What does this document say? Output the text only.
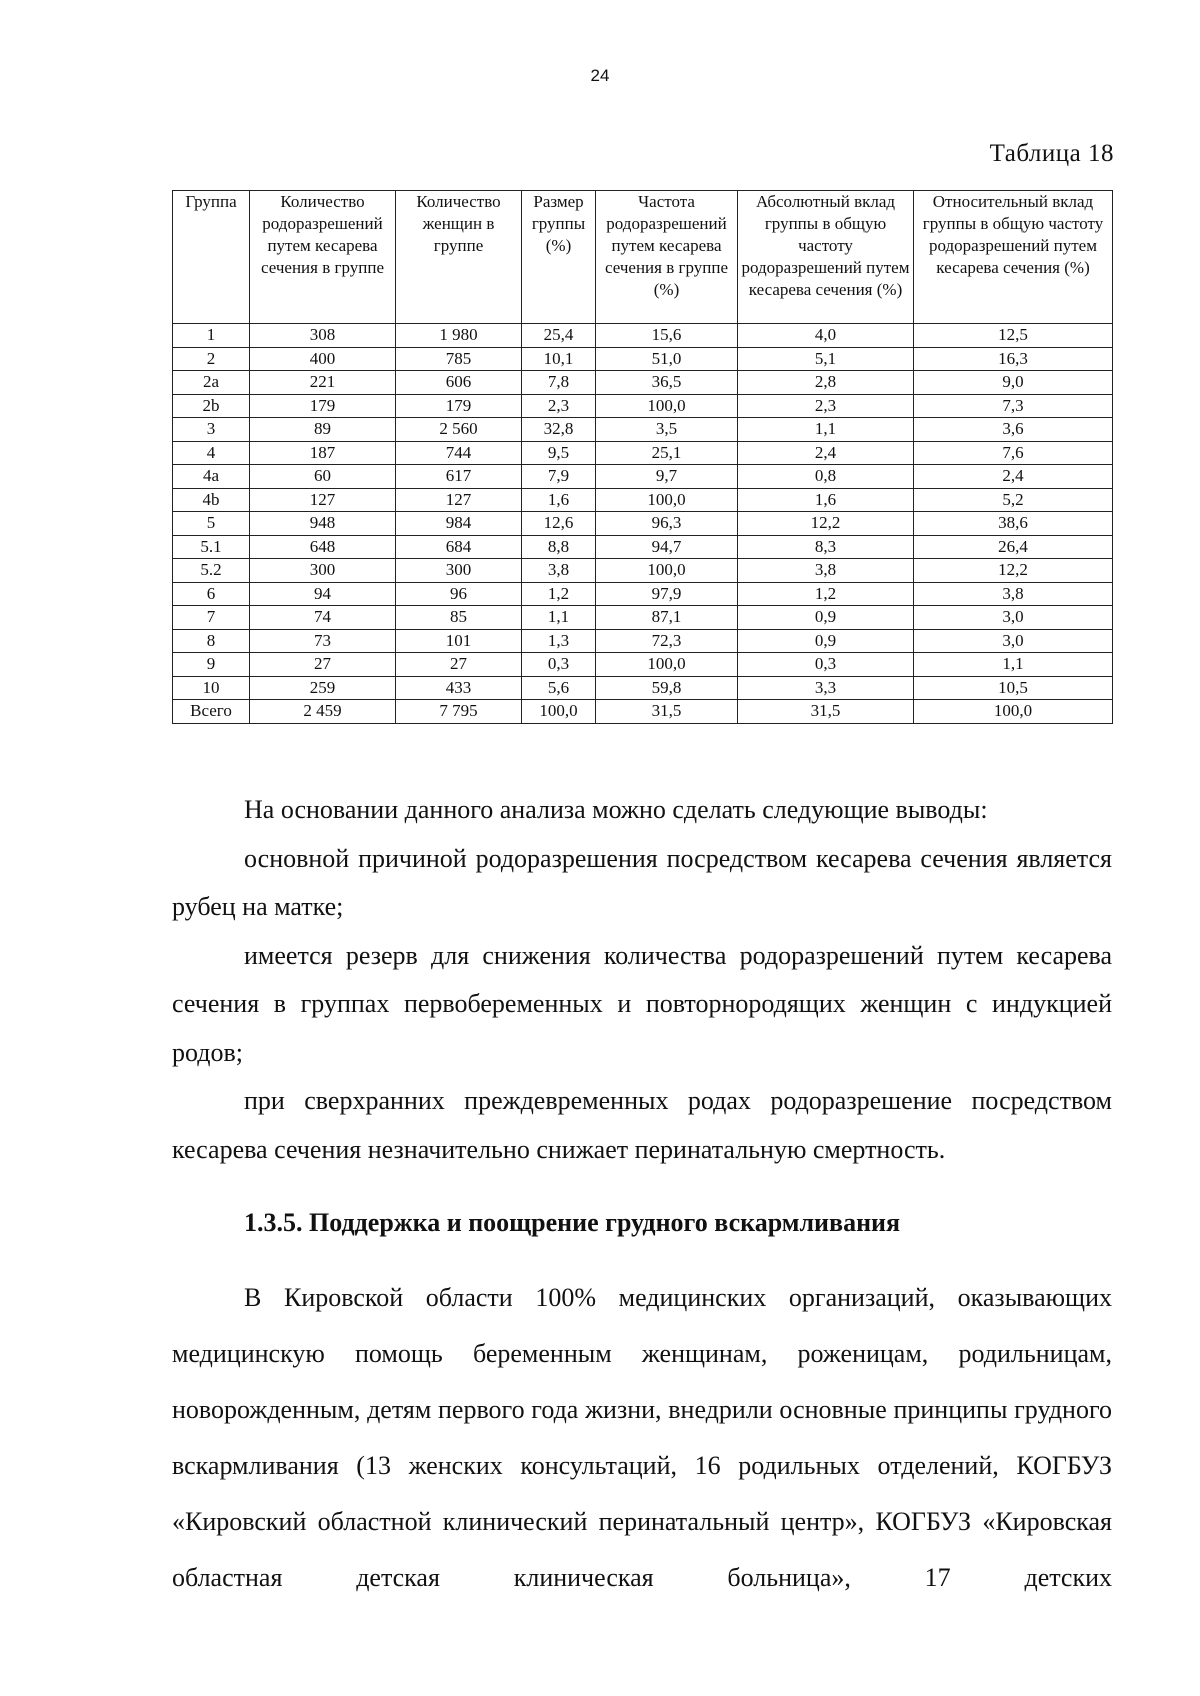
24
Таблица 18
Группа	Количество родоразрешений путем кесарева сечения в группе	Количество женщин в группе	Размер группы (%)	Частота родоразрешений путем кесарева сечения в группе (%)	Абсолютный вклад группы в общую частоту родоразрешений путем кесарева сечения (%)	Относительный вклад группы в общую частоту родоразрешений путем кесарева сечения (%)
1	308	1 980	25,4	15,6	4,0	12,5
2	400	785	10,1	51,0	5,1	16,3
2a	221	606	7,8	36,5	2,8	9,0
2b	179	179	2,3	100,0	2,3	7,3
3	89	2 560	32,8	3,5	1,1	3,6
4	187	744	9,5	25,1	2,4	7,6
4a	60	617	7,9	9,7	0,8	2,4
4b	127	127	1,6	100,0	1,6	5,2
5	948	984	12,6	96,3	12,2	38,6
5.1	648	684	8,8	94,7	8,3	26,4
5.2	300	300	3,8	100,0	3,8	12,2
6	94	96	1,2	97,9	1,2	3,8
7	74	85	1,1	87,1	0,9	3,0
8	73	101	1,3	72,3	0,9	3,0
9	27	27	0,3	100,0	0,3	1,1
10	259	433	5,6	59,8	3,3	10,5
Всего	2 459	7 795	100,0	31,5	31,5	100,0

На основании данного анализа можно сделать следующие выводы:

основной причиной родоразрешения посредством кесарева сечения является рубец на матке;

имеется резерв для снижения количества родоразрешений путем кесарева сечения в группах первобеременных и повторнородящих женщин с индукцией родов;

при сверхранних преждевременных родах родоразрешение посредством кесарева сечения незначительно снижает перинатальную смертность.

1.3.5. Поддержка и поощрение грудного вскармливания

В Кировской области 100% медицинских организаций, оказывающих медицинскую помощь беременным женщинам, роженицам, родильницам, новорожденным, детям первого года жизни, внедрили основные принципы грудного вскармливания (13 женских консультаций, 16 родильных отделений, КОГБУЗ «Кировский областной клинический перинатальный центр», КОГБУЗ «Кировская областная детская клиническая больница», 17 детских
